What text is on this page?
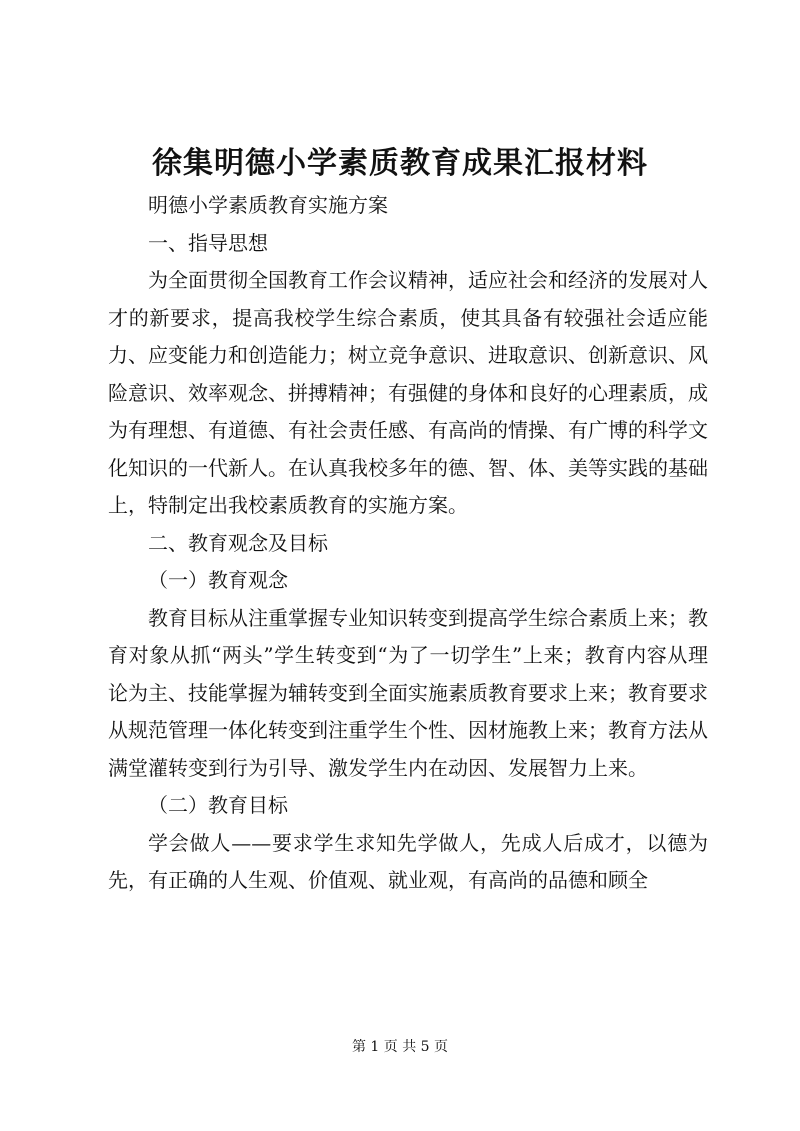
徐集明德小学素质教育成果汇报材料

明德小学素质教育实施方案

一、指导思想

为全面贯彻全国教育工作会议精神，适应社会和经济的发展对人才的新要求，提高我校学生综合素质，使其具备有较强社会适应能力、应变能力和创造能力；树立竞争意识、进取意识、创新意识、风险意识、效率观念、拼搏精神；有强健的身体和良好的心理素质，成为有理想、有道德、有社会责任感、有高尚的情操、有广博的科学文化知识的一代新人。在认真我校多年的德、智、体、美等实践的基础上，特制定出我校素质教育的实施方案。

二、教育观念及目标

（一）教育观念

教育目标从注重掌握专业知识转变到提高学生综合素质上来；教育对象从抓“两头”学生转变到“为了一切学生”上来；教育内容从理论为主、技能掌握为辅转变到全面实施素质教育要求上来；教育要求从规范管理一体化转变到注重学生个性、因材施教上来；教育方法从满堂灌转变到行为引导、激发学生内在动因、发展智力上来。

（二）教育目标

学会做人——要求学生求知先学做人，先成人后成才，以德为先，有正确的人生观、价值观、就业观，有高尚的品德和顾全

第 1 页 共 5 页
